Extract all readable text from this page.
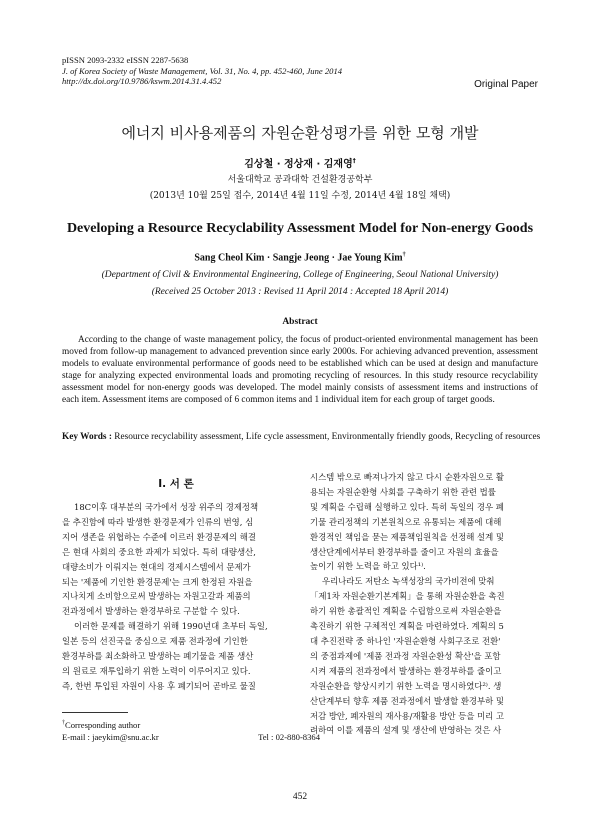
pISSN 2093-2332 eISSN 2287-5638
J. of Korea Society of Waste Management, Vol. 31, No. 4, pp. 452-460, June 2014
http://dx.doi.org/10.9786/kswm.2014.31.4.452	Original Paper
에너지 비사용제품의 자원순환성평가를 위한 모형 개발
김상철 · 정상재 · 김재영†
서울대학교 공과대학 건설환경공학부
(2013년 10월 25일 접수, 2014년 4월 11일 수정, 2014년 4월 18일 채택)
Developing a Resource Recyclability Assessment Model for Non-energy Goods
Sang Cheol Kim · Sangje Jeong · Jae Young Kim†
(Department of Civil & Environmental Engineering, College of Engineering, Seoul National University)
(Received 25 October 2013 : Revised 11 April 2014 : Accepted 18 April 2014)
Abstract
According to the change of waste management policy, the focus of product-oriented environmental management has been moved from follow-up management to advanced prevention since early 2000s. For achieving advanced prevention, assessment models to evaluate environmental performance of goods need to be established which can be used at design and manufacture stage for analyzing expected environmental loads and promoting recycling of resources. In this study resource recyclability assessment model for non-energy goods was developed. The model mainly consists of assessment items and instructions of each item. Assessment items are composed of 6 common items and 1 individual item for each group of target goods.
Key Words : Resource recyclability assessment, Life cycle assessment, Environmentally friendly goods, Recycling of resources
I. 서 론

18C이후 대부분의 국가에서 성장 위주의 경제정책
을 추진함에 따라 발생한 환경문제가 인류의 번영, 심
지어 생존을 위협하는 수준에 이르러 환경문제의 해결
은 현대 사회의 중요한 과제가 되었다. 특히 대량생산,
대량소비가 이뤄지는 현대의 경제시스템에서 문제가
되는 '제품에 기인한 환경문제'는 크게 한정된 자원을
지나치게 소비함으로써 발생하는 자원고갈과 제품의
전과정에서 발생하는 환경부하로 구분할 수 있다.

이러한 문제를 해결하기 위해 1990년대 초부터 독일,
일본 등의 선진국을 중심으로 제품 전과정에 기인한
환경부하를 최소화하고 발생하는 폐기물을 제품 생산
의 원료로 재투입하기 위한 노력이 이루어지고 있다.
즉, 한번 투입된 자원이 사용 후 폐기되어 곧바로 물질

시스템 밖으로 빠져나가지 않고 다시 순환자원으로 활
용되는 자원순환형 사회를 구축하기 위한 관련 법률
및 계획을 수립해 실행하고 있다. 특히 독일의 경우 폐
기물 관리정책의 기본원칙으로 유통되는 제품에 대해
환경적인 책임을 묻는 제품책임원칙을 선정해 설계 및
생산단계에서부터 환경부하를 줄이고 자원의 효율을
높이기 위한 노력을 하고 있다¹⁾.

우리나라도 저탄소 녹색성장의 국가비전에 맞춰
「제1차 자원순환기본계획」을 통해 자원순환을 촉진
하기 위한 총괄적인 계획을 수립함으로써 자원순환을
촉진하기 위한 구체적인 계획을 마련하였다. 계획의 5
대 추진전략 중 하나인 '자원순환형 사회구조로 전환'
의 중점과제에 '제품 전과정 자원순환성 확산'을 포함
시켜 제품의 전과정에서 발생하는 환경부하를 줄이고
자원순환을 향상시키기 위한 노력을 명시하였다²⁾. 생
산단계부터 향후 제품 전과정에서 발생할 환경부하 및
저감 방안, 폐자원의 재사용/재활용 방안 등을 미리 고
려하여 이를 제품의 설계 및 생산에 반영하는 것은 사

†Corresponding author
E-mail : jaeykim@snu.ac.kr	Tel : 02-880-8364
452
